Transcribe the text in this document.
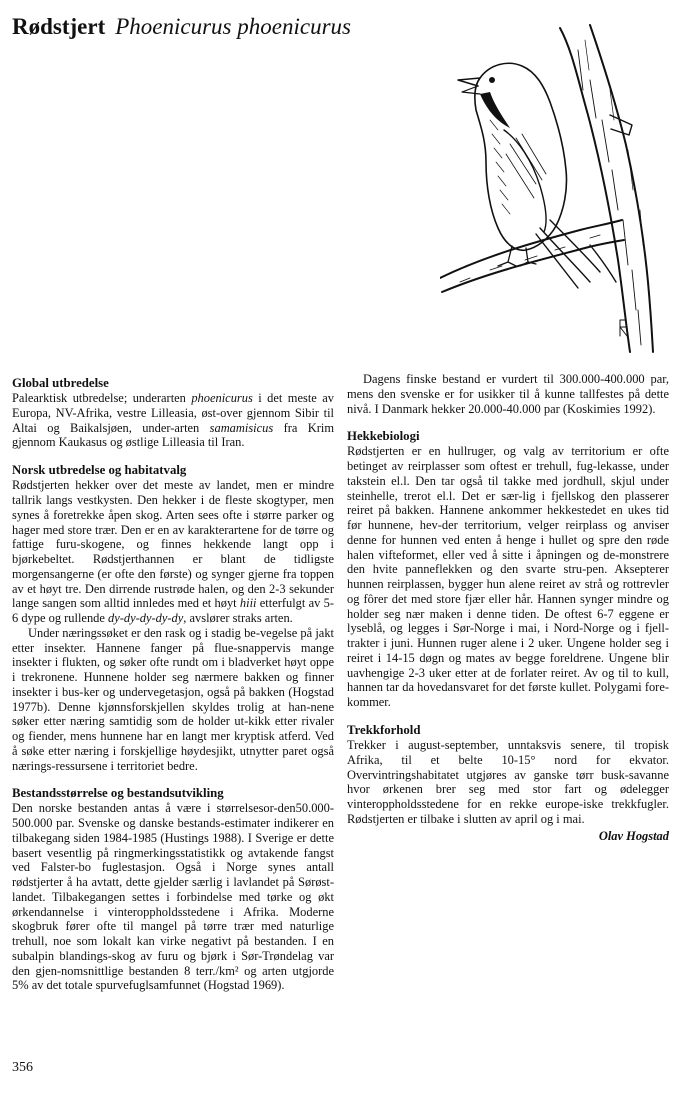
Rødstjert Phoenicurus phoenicurus
Global utbredelse

Palearktisk utbredelse; underarten phoenicurus i det meste av Europa, NV-Afrika, vestre Lilleasia, øst-over gjennom Sibir til Altai og Baikalsjøen, under-arten samamisicus fra Krim gjennom Kaukasus og østlige Lilleasia til Iran.

Norsk utbredelse og habitatvalg

Rødstjerten hekker over det meste av landet, men er mindre tallrik langs vestkysten. Den hekker i de fleste skogtyper, men synes å foretrekke åpen skog. Arten sees ofte i større parker og hager med store trær. Den er en av karakterartene for de tørre og fattige furu-skogene, og finnes hekkende langt opp i bjørkebeltet. Rødstjerthannen er blant de tidligste morgensangerne (er ofte den første) og synger gjerne fra toppen av et høyt tre. Den dirrende rustrøde halen, og den 2-3 sekunder lange sangen som alltid innledes med et høyt hiii etterfulgt av 5-6 dype og rullende dy-dy-dy-dy-dy, avslører straks arten.

Under næringssøket er den rask og i stadig be-vegelse på jakt etter insekter. Hannene fanger på flue-snappervis mange insekter i flukten, og søker ofte rundt om i bladverket høyt oppe i trekronene. Hunnene holder seg nærmere bakken og finner insekter i bus-ker og undervegetasjon, også på bakken (Hogstad 1977b). Denne kjønnsforskjellen skyldes trolig at han-nene søker etter næring samtidig som de holder ut-kikk etter rivaler og fiender, mens hunnene har en langt mer kryptisk atferd. Ved å søke etter næring i forskjellige høydesjikt, utnytter paret også nærings-ressursene i territoriet bedre.

Bestandsstørrelse og bestandsutvikling

Den norske bestanden antas å være i størrelsesor-den50.000-500.000 par. Svenske og danske bestands-estimater indikerer en tilbakegang siden 1984-1985 (Hustings 1988). I Sverige er dette basert vesentlig på ringmerkingsstatistikk og avtakende fangst ved Falster-bo fuglestasjon. Også i Norge synes antall rødstjerter å ha avtatt, dette gjelder særlig i lavlandet på Sørøst-landet. Tilbakegangen settes i forbindelse med tørke og økt ørkendannelse i vinteroppholdsstedene i Afrika. Moderne skogbruk fører ofte til mangel på tørre trær med naturlige trehull, noe som lokalt kan virke negativt på bestanden. I en subalpin blandings-skog av furu og bjørk i Sør-Trøndelag var den gjen-nomsnittlige bestanden 8 terr./km² og arten utgjorde 5% av det totale spurvefuglsamfunnet (Hogstad 1969).

Dagens finske bestand er vurdert til 300.000-400.000 par, mens den svenske er for usikker til å kunne tallfestes på dette nivå. I Danmark hekker 20.000-40.000 par (Koskimies 1992).

Hekkebiologi

Rødstjerten er en hullruger, og valg av territorium er ofte betinget av reirplasser som oftest er trehull, fug-lekasse, under takstein el.l. Den tar også til takke med jordhull, skjul under steinhelle, trerot el.l. Det er sær-lig i fjellskog den plasserer reiret på bakken. Hannene ankommer hekkestedet en ukes tid før hunnene, hev-der territorium, velger reirplass og anviser denne for hunnen ved enten å henge i hullet og spre den røde halen vifteformet, eller ved å sitte i åpningen og de-monstrere den hvite panneflekken og den svarte stru-pen. Aksepterer hunnen reirplassen, bygger hun alene reiret av strå og rottrevler og fôrer det med store fjær eller hår. Hannen synger mindre og holder seg nær maken i denne tiden. De oftest 6-7 eggene er lyseblå, og legges i Sør-Norge i mai, i Nord-Norge og i fjell-trakter i juni. Hunnen ruger alene i 2 uker. Ungene holder seg i reiret i 14-15 døgn og mates av begge foreldrene. Ungene blir uavhengige 2-3 uker etter at de forlater reiret. Av og til to kull, hannen tar da hovedansvaret for det første kullet. Polygami fore-kommer.

Trekkforhold

Trekker i august-september, unntaksvis senere, til tropisk Afrika, til et belte 10-15° nord for ekvator. Overvintringshabitatet utgjøres av ganske tørr busk-savanne hvor ørkenen brer seg med stor fart og ødelegger vinteroppholdsstedene for en rekke europe-iske trekkfugler. Rødstjerten er tilbake i slutten av april og i mai.

Olav Hogstad
356
